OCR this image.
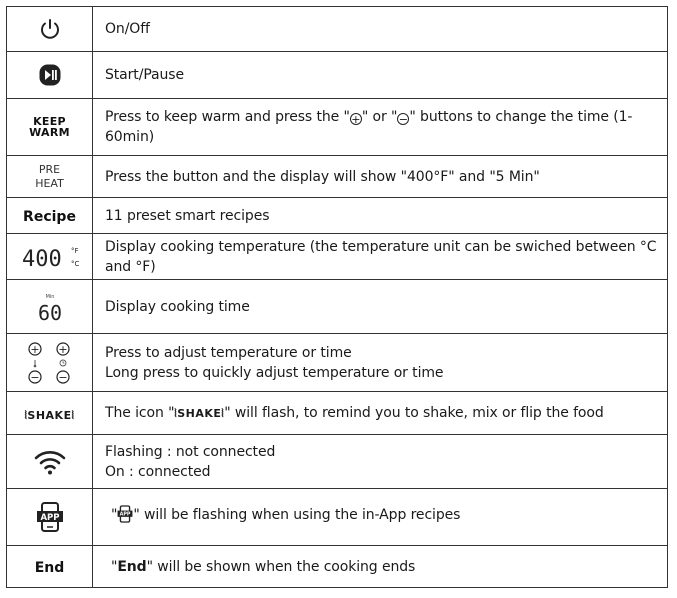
	On/Off

	Start/Pause

KEEP
WARM	Press to keep warm and press the "+" or "−" buttons to change the time (1-60min)

PRE
HEAT	Press the button and the display will show "400°F" and "5 Min"
Recipe	11 preset smart recipes

400 °F
°C	Display cooking temperature (the temperature unit can be swiched between °C and °F)

Min
60	Display cooking time

+ +
− −	Press to adjust temperature or time
Long press to quickly adjust temperature or time

⦚SHAKE⦚	The icon "⦚SHAKE⦚" will flash, to remind you to shake, mix or flip the food

Flashing : not connected
On : connected

APP	" APP " will be flashing when using the in-App recipes
End	"End" will be shown when the cooking ends
